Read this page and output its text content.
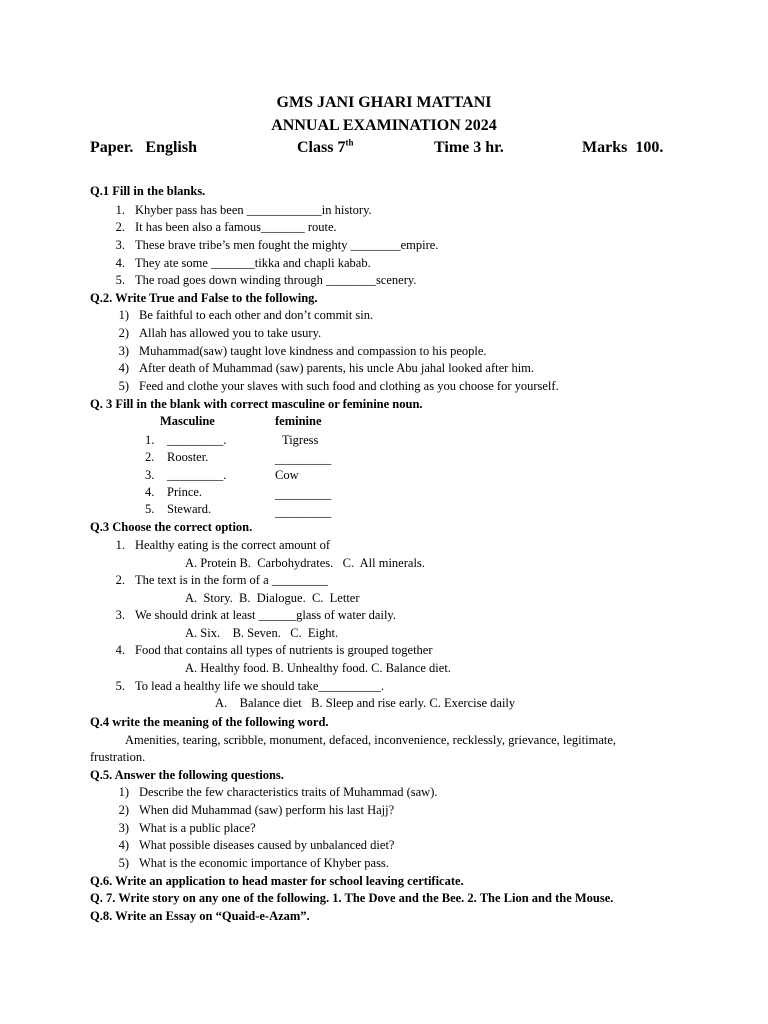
GMS JANI GHARI MATTANI
ANNUAL EXAMINATION 2024
Paper.   English	Class 7th	Time 3 hr.	Marks  100.
Q.1 Fill in the blanks.
1. Khyber pass has been ____________in history.
2. It has been also a famous_______ route.
3. These brave tribe’s men fought the mighty ________empire.
4. They ate some _______tikka and chapli kabab.
5. The road goes down winding through ________scenery.
Q.2. Write True and False to the following.
1) Be faithful to each other and don’t commit sin.
2) Allah has allowed you to take usury.
3) Muhammad(saw) taught love kindness and compassion to his people.
4) After death of Muhammad (saw) parents, his uncle Abu jahal looked after him.
5) Feed and clothe your slaves with such food and clothing as you choose for yourself.
Q. 3 Fill in the blank with correct masculine or feminine noun.
Masculine	feminine
1. _________.	Tigress
2. Rooster.	_________
3. _________.	Cow
4. Prince.	_________
5. Steward.	_________
Q.3 Choose the correct option.
1. Healthy eating is the correct amount of
A. Protein B.  Carbohydrates.   C.  All minerals.
2. The text is in the form of a _________
A.  Story.  B.  Dialogue.  C.  Letter
3. We should drink at least ______glass of water daily.
A. Six.    B. Seven.   C.  Eight.
4. Food that contains all types of nutrients is grouped together
A. Healthy food. B. Unhealthy food. C. Balance diet.
5. To lead a healthy life we should take__________.
A.    Balance diet   B. Sleep and rise early. C. Exercise daily
Q.4 write the meaning of the following word.
Amenities, tearing, scribble, monument, defaced, inconvenience, recklessly, grievance, legitimate,
frustration.
Q.5. Answer the following questions.
1) Describe the few characteristics traits of Muhammad (saw).
2) When did Muhammad (saw) perform his last Hajj?
3) What is a public place?
4) What possible diseases caused by unbalanced diet?
5) What is the economic importance of Khyber pass.
Q.6. Write an application to head master for school leaving certificate.
Q. 7. Write story on any one of the following. 1. The Dove and the Bee. 2. The Lion and the Mouse.
Q.8. Write an Essay on “Quaid-e-Azam”.
